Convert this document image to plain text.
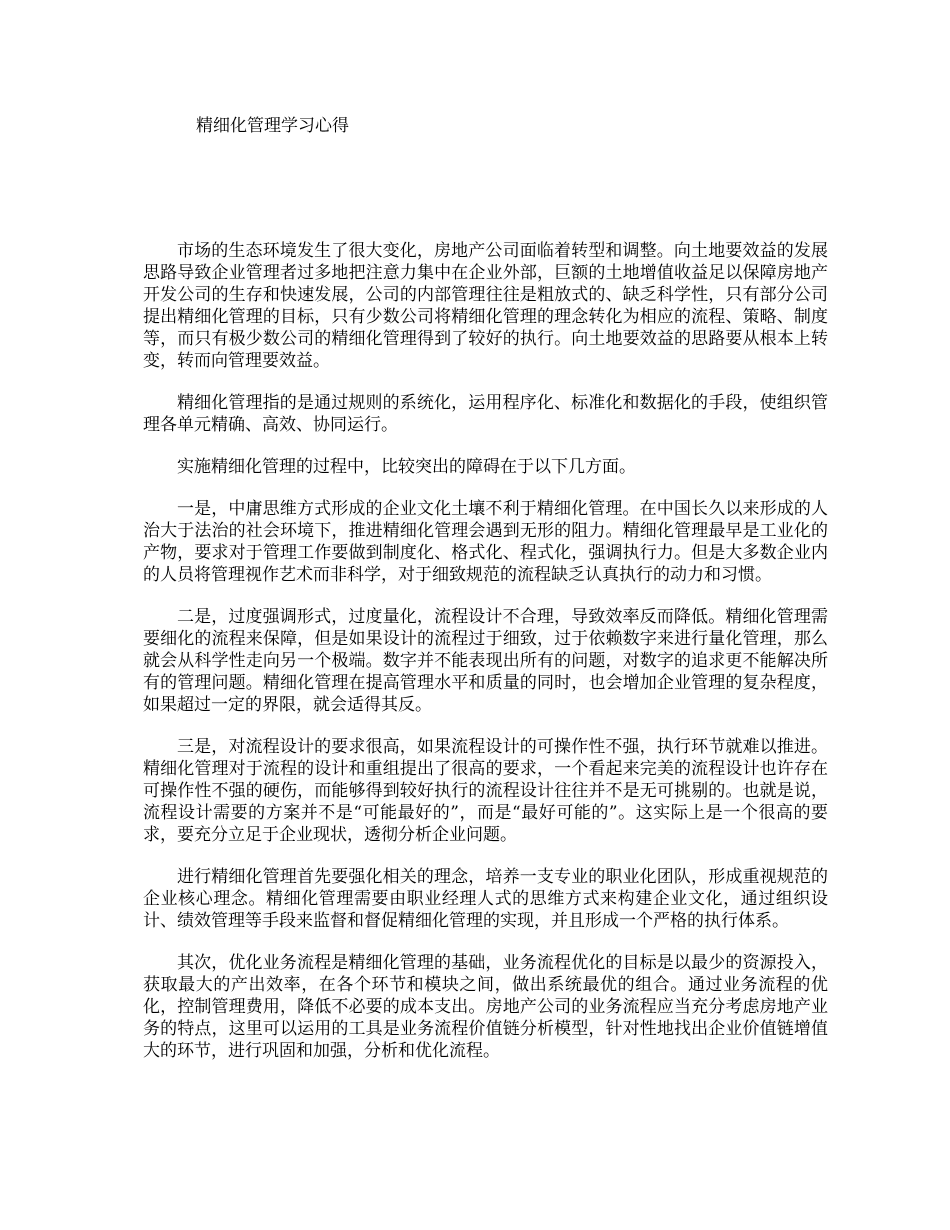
精细化管理学习心得

市场的生态环境发生了很大变化，房地产公司面临着转型和调整。向土地要效益的发展思路导致企业管理者过多地把注意力集中在企业外部，巨额的土地增值收益足以保障房地产开发公司的生存和快速发展，公司的内部管理往往是粗放式的、缺乏科学性，只有部分公司提出精细化管理的目标，只有少数公司将精细化管理的理念转化为相应的流程、策略、制度等，而只有极少数公司的精细化管理得到了较好的执行。向土地要效益的思路要从根本上转变，转而向管理要效益。

精细化管理指的是通过规则的系统化，运用程序化、标准化和数据化的手段，使组织管理各单元精确、高效、协同运行。

实施精细化管理的过程中，比较突出的障碍在于以下几方面。

一是，中庸思维方式形成的企业文化土壤不利于精细化管理。在中国长久以来形成的人治大于法治的社会环境下，推进精细化管理会遇到无形的阻力。精细化管理最早是工业化的产物，要求对于管理工作要做到制度化、格式化、程式化，强调执行力。但是大多数企业内的人员将管理视作艺术而非科学，对于细致规范的流程缺乏认真执行的动力和习惯。

二是，过度强调形式，过度量化，流程设计不合理，导致效率反而降低。精细化管理需要细化的流程来保障，但是如果设计的流程过于细致，过于依赖数字来进行量化管理，那么就会从科学性走向另一个极端。数字并不能表现出所有的问题，对数字的追求更不能解决所有的管理问题。精细化管理在提高管理水平和质量的同时，也会增加企业管理的复杂程度，如果超过一定的界限，就会适得其反。

三是，对流程设计的要求很高，如果流程设计的可操作性不强，执行环节就难以推进。精细化管理对于流程的设计和重组提出了很高的要求，一个看起来完美的流程设计也许存在可操作性不强的硬伤，而能够得到较好执行的流程设计往往并不是无可挑剔的。也就是说，流程设计需要的方案并不是“可能最好的”，而是“最好可能的”。这实际上是一个很高的要求，要充分立足于企业现状，透彻分析企业问题。

进行精细化管理首先要强化相关的理念，培养一支专业的职业化团队，形成重视规范的企业核心理念。精细化管理需要由职业经理人式的思维方式来构建企业文化，通过组织设计、绩效管理等手段来监督和督促精细化管理的实现，并且形成一个严格的执行体系。

其次，优化业务流程是精细化管理的基础，业务流程优化的目标是以最少的资源投入，获取最大的产出效率，在各个环节和模块之间，做出系统最优的组合。通过业务流程的优化，控制管理费用，降低不必要的成本支出。房地产公司的业务流程应当充分考虑房地产业务的特点，这里可以运用的工具是业务流程价值链分析模型，针对性地找出企业价值链增值大的环节，进行巩固和加强，分析和优化流程。
